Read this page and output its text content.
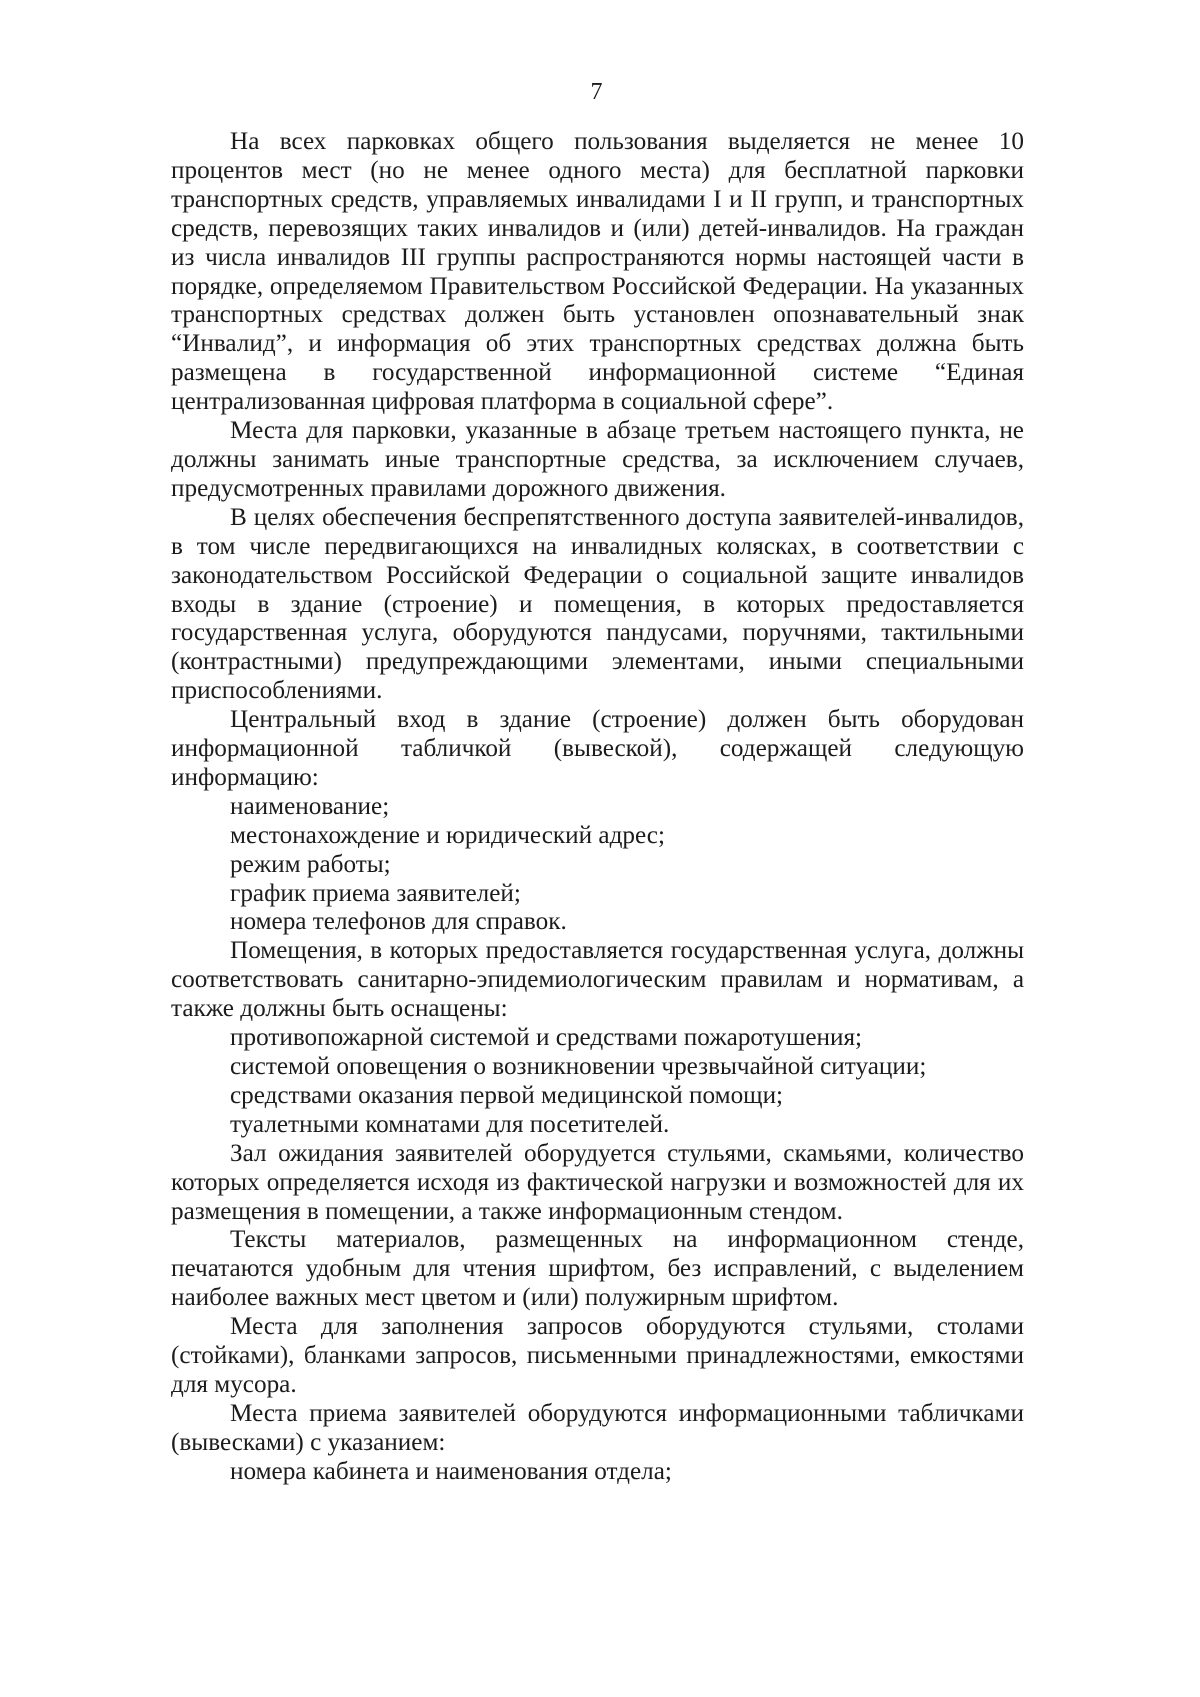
7

На всех парковках общего пользования выделяется не менее 10 процентов мест (но не менее одного места) для бесплатной парковки транспортных средств, управляемых инвалидами I и II групп, и транспортных средств, перевозящих таких инвалидов и (или) детей-инвалидов. На граждан из числа инвалидов III группы распространяются нормы настоящей части в порядке, определяемом Правительством Российской Федерации. На указанных транспортных средствах должен быть установлен опознавательный знак “Инвалид”, и информация об этих транспортных средствах должна быть размещена в государственной информационной системе “Единая централизованная цифровая платформа в социальной сфере”.

Места для парковки, указанные в абзаце третьем настоящего пункта, не должны занимать иные транспортные средства, за исключением случаев, предусмотренных правилами дорожного движения.

В целях обеспечения беспрепятственного доступа заявителей-инвалидов, в том числе передвигающихся на инвалидных колясках, в соответствии с законодательством Российской Федерации о социальной защите инвалидов входы в здание (строение) и помещения, в которых предоставляется государственная услуга, оборудуются пандусами, поручнями, тактильными (контрастными) предупреждающими элементами, иными специальными приспособлениями.

Центральный вход в здание (строение) должен быть оборудован информационной табличкой (вывеской), содержащей следующую информацию:

наименование;

местонахождение и юридический адрес;

режим работы;

график приема заявителей;

номера телефонов для справок.

Помещения, в которых предоставляется государственная услуга, должны соответствовать санитарно-эпидемиологическим правилам и нормативам, а также должны быть оснащены:

противопожарной системой и средствами пожаротушения;

системой оповещения о возникновении чрезвычайной ситуации;

средствами оказания первой медицинской помощи;

туалетными комнатами для посетителей.

Зал ожидания заявителей оборудуется стульями, скамьями, количество которых определяется исходя из фактической нагрузки и возможностей для их размещения в помещении, а также информационным стендом.

Тексты материалов, размещенных на информационном стенде, печатаются удобным для чтения шрифтом, без исправлений, с выделением наиболее важных мест цветом и (или) полужирным шрифтом.

Места для заполнения запросов оборудуются стульями, столами (стойками), бланками запросов, письменными принадлежностями, емкостями для мусора.

Места приема заявителей оборудуются информационными табличками (вывесками) с указанием:

номера кабинета и наименования отдела;
